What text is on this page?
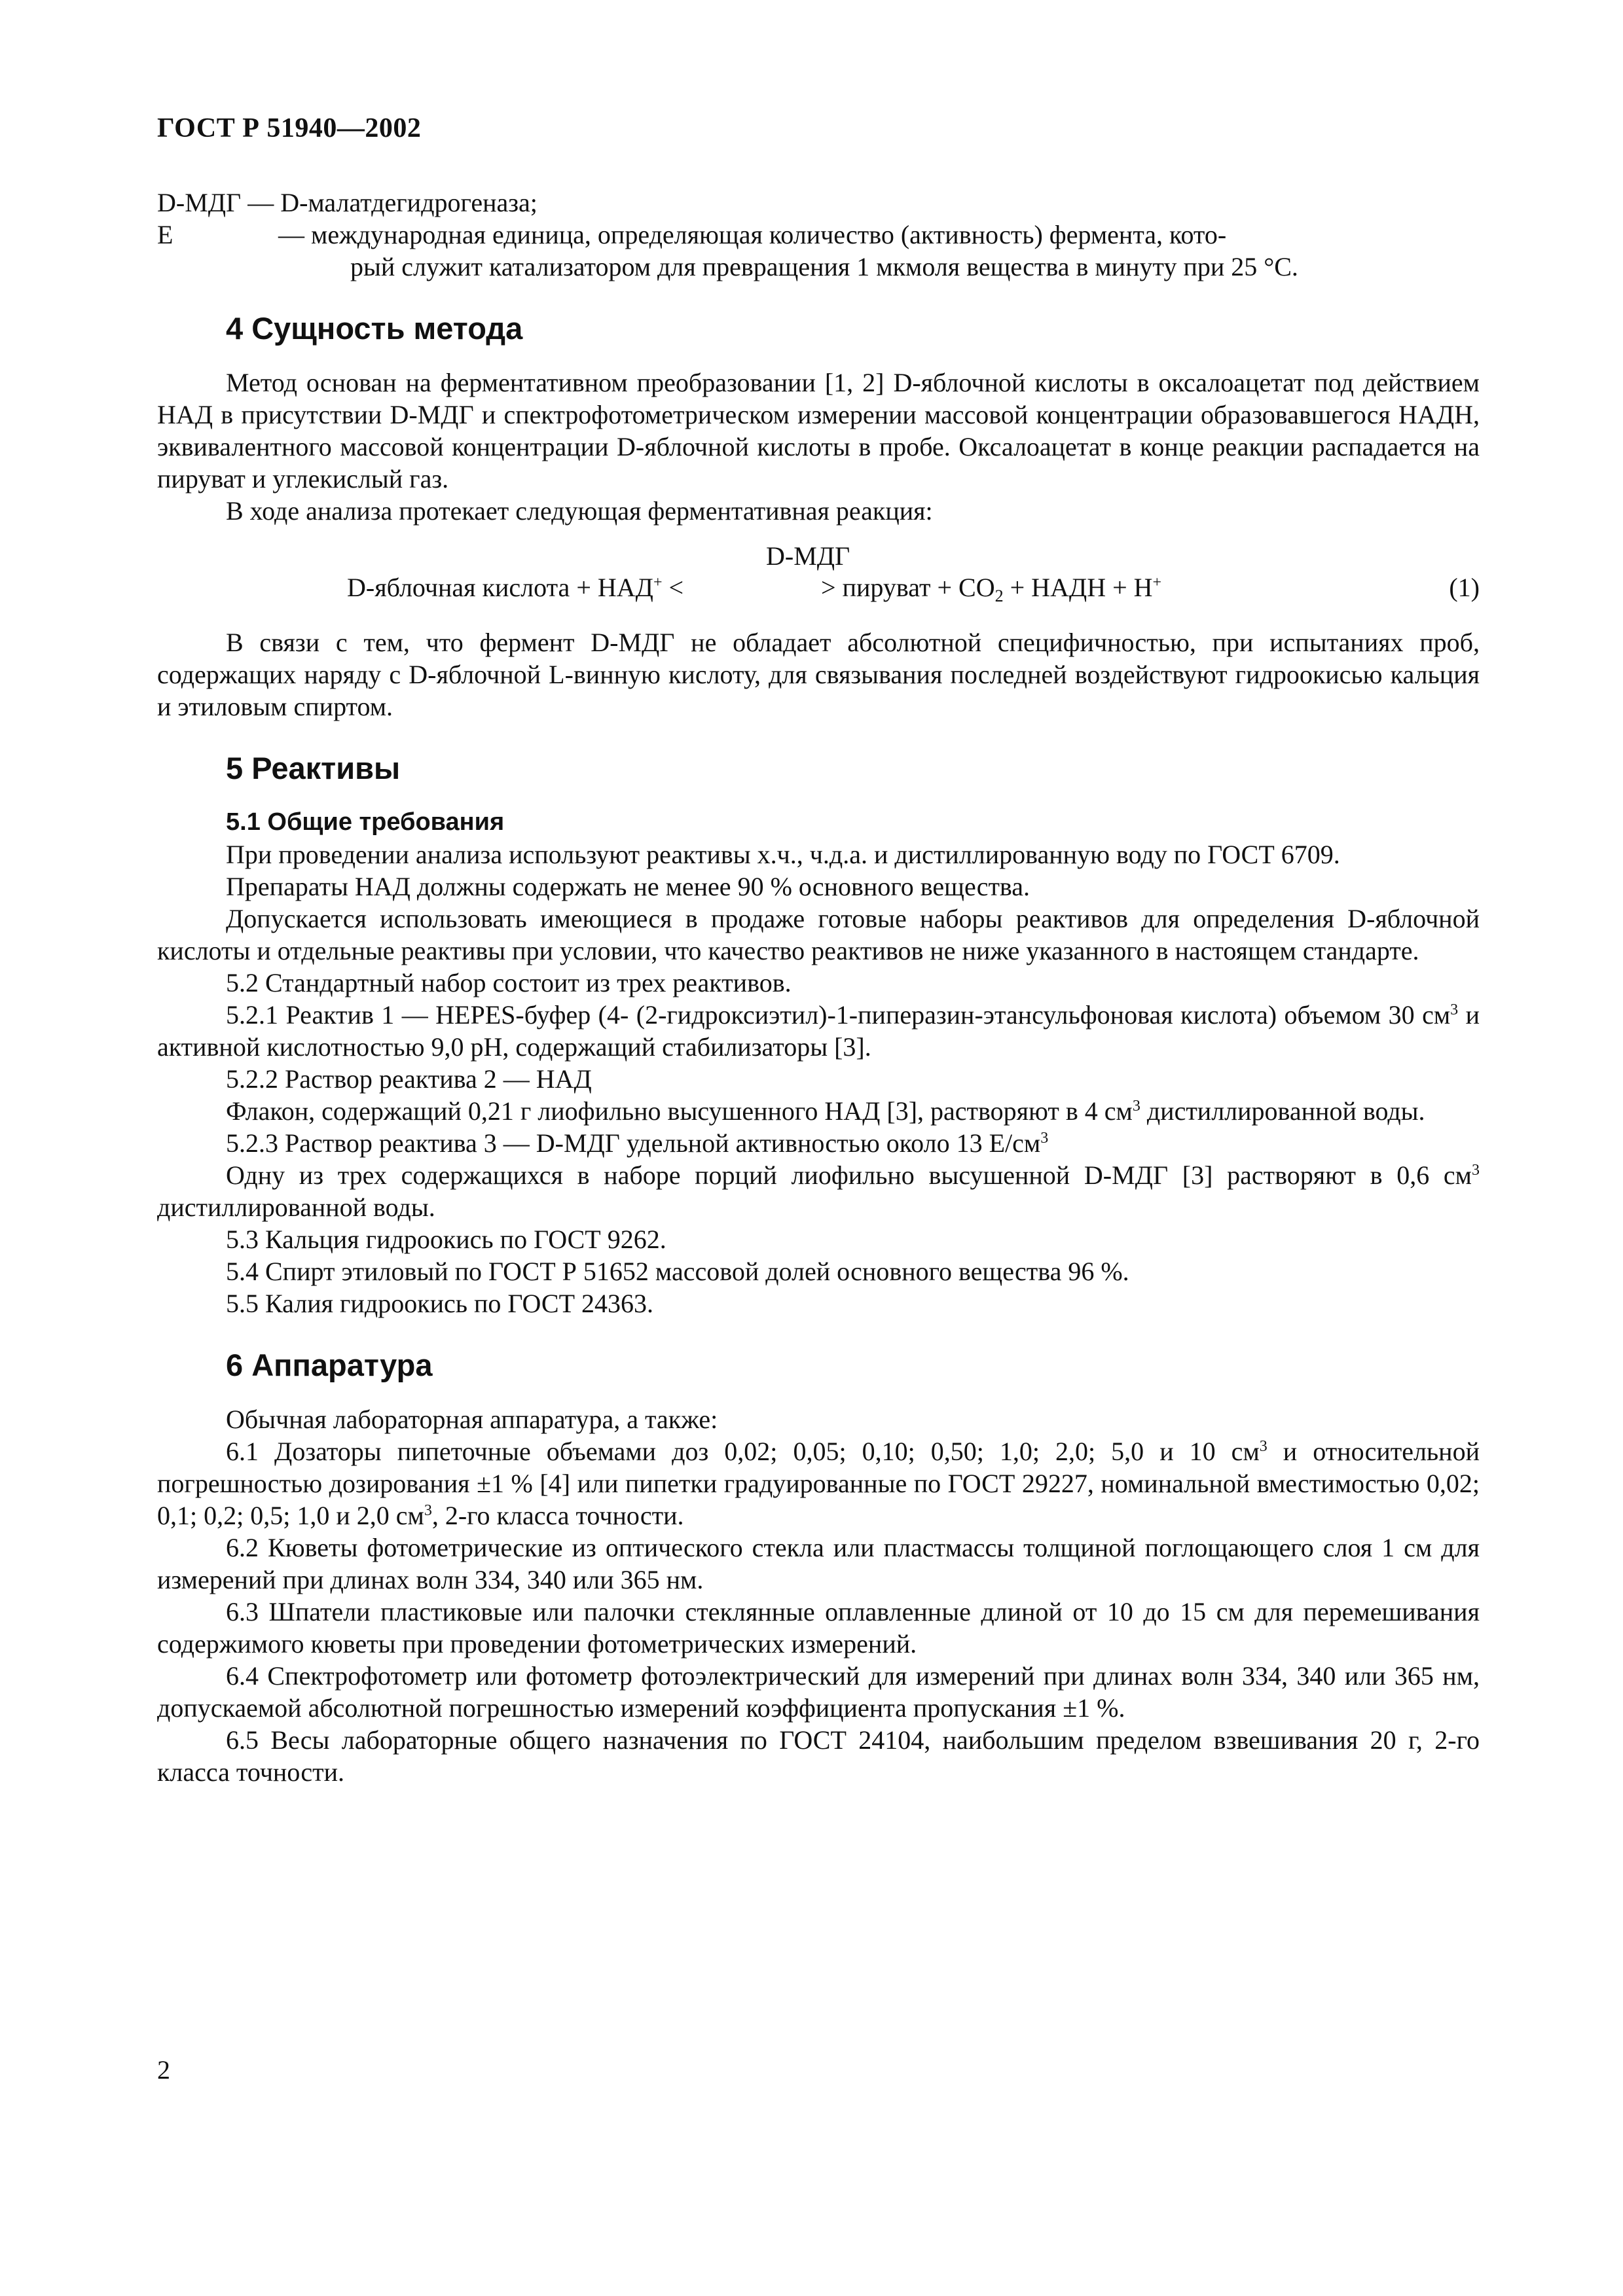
ГОСТ Р 51940—2002
D-МДГ — D-малатдегидрогеназа;
Е	— международная единица, определяющая количество (активность) фермента, кото-
рый служит катализатором для превращения 1 мкмоля вещества в минуту при 25 °С.
4 Сущность метода

Метод основан на ферментативном преобразовании [1, 2] D-яблочной кислоты в оксалоацетат под действием НАД в присутствии D-МДГ и спектрофотометрическом измерении массовой концентрации образовавшегося НАДН, эквивалентного массовой концентрации D-яблочной кислоты в пробе. Оксалоацетат в конце реакции распадается на пируват и углекислый газ.

В ходе анализа протекает следующая ферментативная реакция:

D-МДГ
D-яблочная кислота + НАД+ <	> пируват + $СО_2$ + НАДН + Н+	(1)

В связи с тем, что фермент D-МДГ не обладает абсолютной специфичностью, при испытаниях проб, содержащих наряду с D-яблочной L-винную кислоту, для связывания последней воздействуют гидроокисью кальция и этиловым спиртом.

5 Реактивы
5.1 Общие требования

При проведении анализа используют реактивы х.ч., ч.д.а. и дистиллированную воду по ГОСТ 6709.

Препараты НАД должны содержать не менее 90 % основного вещества.

Допускается использовать имеющиеся в продаже готовые наборы реактивов для определения D-яблочной кислоты и отдельные реактивы при условии, что качество реактивов не ниже указанного в настоящем стандарте.

5.2 Стандартный набор состоит из трех реактивов.

5.2.1 Реактив 1 — HEPES-буфер (4- (2-гидроксиэтил)-1-пиперазин-этансульфоновая кислота) объемом 30 $см^3$ и активной кислотностью 9,0 рН, содержащий стабилизаторы [3].

5.2.2 Раствор реактива 2 — НАД

Флакон, содержащий 0,21 г лиофильно высушенного НАД [3], растворяют в 4 $см^3$ дистиллированной воды.

5.2.3 Раствор реактива 3 — D-МДГ удельной активностью около 13 $Е/см^3$

Одну из трех содержащихся в наборе порций лиофильно высушенной D-МДГ [3] растворяют в 0,6 $см^3$ дистиллированной воды.

5.3 Кальция гидроокись по ГОСТ 9262.

5.4 Спирт этиловый по ГОСТ Р 51652 массовой долей основного вещества 96 %.

5.5 Калия гидроокись по ГОСТ 24363.

6 Аппаратура

Обычная лабораторная аппаратура, а также:

6.1 Дозаторы пипеточные объемами доз 0,02; 0,05; 0,10; 0,50; 1,0; 2,0; 5,0 и 10 $см^3$ и относительной погрешностью дозирования ±1 % [4] или пипетки градуированные по ГОСТ 29227, номинальной вместимостью 0,02; 0,1; 0,2; 0,5; 1,0 и 2,0 $см^3$, 2-го класса точности.

6.2 Кюветы фотометрические из оптического стекла или пластмассы толщиной поглощающего слоя 1 см для измерений при длинах волн 334, 340 или 365 нм.

6.3 Шпатели пластиковые или палочки стеклянные оплавленные длиной от 10 до 15 см для перемешивания содержимого кюветы при проведении фотометрических измерений.

6.4 Спектрофотометр или фотометр фотоэлектрический для измерений при длинах волн 334, 340 или 365 нм, допускаемой абсолютной погрешностью измерений коэффициента пропускания ±1 %.

6.5 Весы лабораторные общего назначения по ГОСТ 24104, наибольшим пределом взвешивания 20 г, 2-го класса точности.

2
